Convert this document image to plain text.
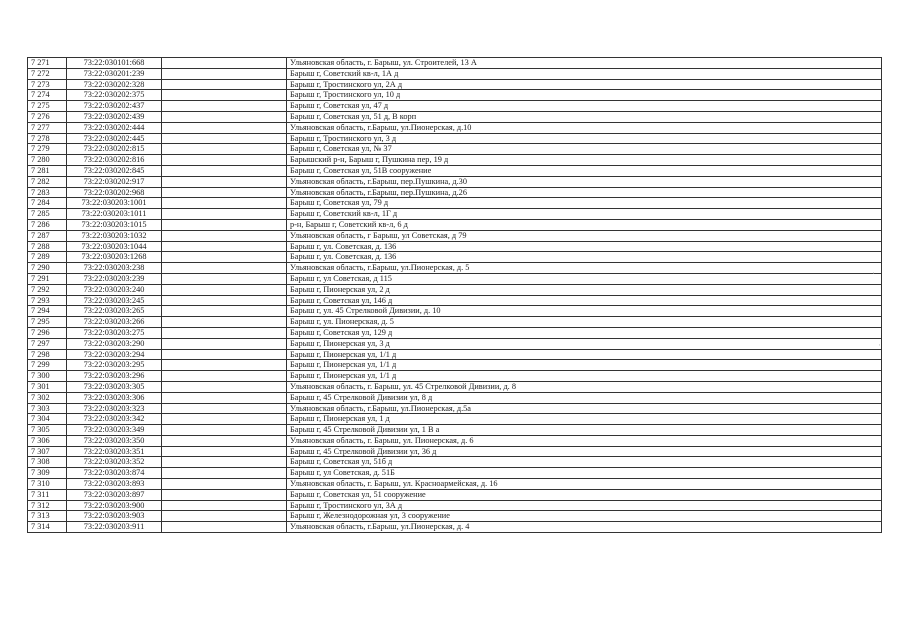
7 271	73:22:030101:668		Ульяновская область, г. Барыш, ул. Строителей, 13 А
7 272	73:22:030201:239		Барыш г, Советский кв-л, 1А д
7 273	73:22:030202:328		Барыш г, Тростинского ул, 2А д
7 274	73:22:030202:375		Барыш г, Тростинского ул, 10 д
7 275	73:22:030202:437		Барыш г, Советская ул, 47 д
7 276	73:22:030202:439		Барыш г, Советская ул, 51 д, В корп
7 277	73:22:030202:444		Ульяновская область, г.Барыш, ул.Пионерская, д.10
7 278	73:22:030202:445		Барыш г, Тростинского ул, 3 д
7 279	73:22:030202:815		Барыш г, Советская ул, № 37
7 280	73:22:030202:816		Барышский р-н, Барыш г, Пушкина пер, 19 д
7 281	73:22:030202:845		Барыш г, Советская ул, 51В сооружение
7 282	73:22:030202:917		Ульяновская область, г.Барыш, пер.Пушкина, д.30
7 283	73:22:030202:968		Ульяновская область, г.Барыш, пер.Пушкина, д.26
7 284	73:22:030203:1001		Барыш г, Советская ул, 79 д
7 285	73:22:030203:1011		Барыш г, Советский кв-л, 1Г д
7 286	73:22:030203:1015		р-н, Барыш г, Советский кв-л, 6 д
7 287	73:22:030203:1032		Ульяновская область, г Барыш, ул Советская, д 79
7 288	73:22:030203:1044		Барыш г, ул. Советская, д. 136
7 289	73:22:030203:1268		Барыш г, ул. Советская, д. 136
7 290	73:22:030203:238		Ульяновская область, г.Барыш, ул.Пионерская, д. 5
7 291	73:22:030203:239		Барыш г, ул Советская, д 115
7 292	73:22:030203:240		Барыш г, Пионерская ул, 2 д
7 293	73:22:030203:245		Барыш г, Советская ул, 146 д
7 294	73:22:030203:265		Барыш г, ул. 45 Стрелковой Дивизии, д. 10
7 295	73:22:030203:266		Барыш г, ул. Пионерская, д. 5
7 296	73:22:030203:275		Барыш г, Советская ул, 129 д
7 297	73:22:030203:290		Барыш г, Пионерская ул, 3 д
7 298	73:22:030203:294		Барыш г, Пионерская ул, 1/1 д
7 299	73:22:030203:295		Барыш г, Пионерская ул, 1/1 д
7 300	73:22:030203:296		Барыш г, Пионерская ул, 1/1 д
7 301	73:22:030203:305		Ульяновская область, г. Барыш, ул. 45 Стрелковой Дивизии, д. 8
7 302	73:22:030203:306		Барыш г, 45 Стрелковой Дивизии ул, 8 д
7 303	73:22:030203:323		Ульяновская область, г.Барыш, ул.Пионерская, д.5а
7 304	73:22:030203:342		Барыш г, Пионерская ул, 1 д
7 305	73:22:030203:349		Барыш г, 45 Стрелковой Дивизии ул, 1 В а
7 306	73:22:030203:350		Ульяновская область, г. Барыш, ул. Пионерская, д. 6
7 307	73:22:030203:351		Барыш г, 45 Стрелковой Дивизии ул, 36 д
7 308	73:22:030203:352		Барыш г, Советская ул, 51б д
7 309	73:22:030203:874		Барыш г, ул Советская, д. 51Б
7 310	73:22:030203:893		Ульяновская область, г. Барыш, ул. Красноармейская, д. 16
7 311	73:22:030203:897		Барыш г, Советская ул, 51 сооружение
7 312	73:22:030203:900		Барыш г, Тростинского ул, 3А д
7 313	73:22:030203:903		Барыш г, Железнодорожная ул, 3 сооружение
7 314	73:22:030203:911		Ульяновская область, г.Барыш, ул.Пионерская, д. 4
·
·
